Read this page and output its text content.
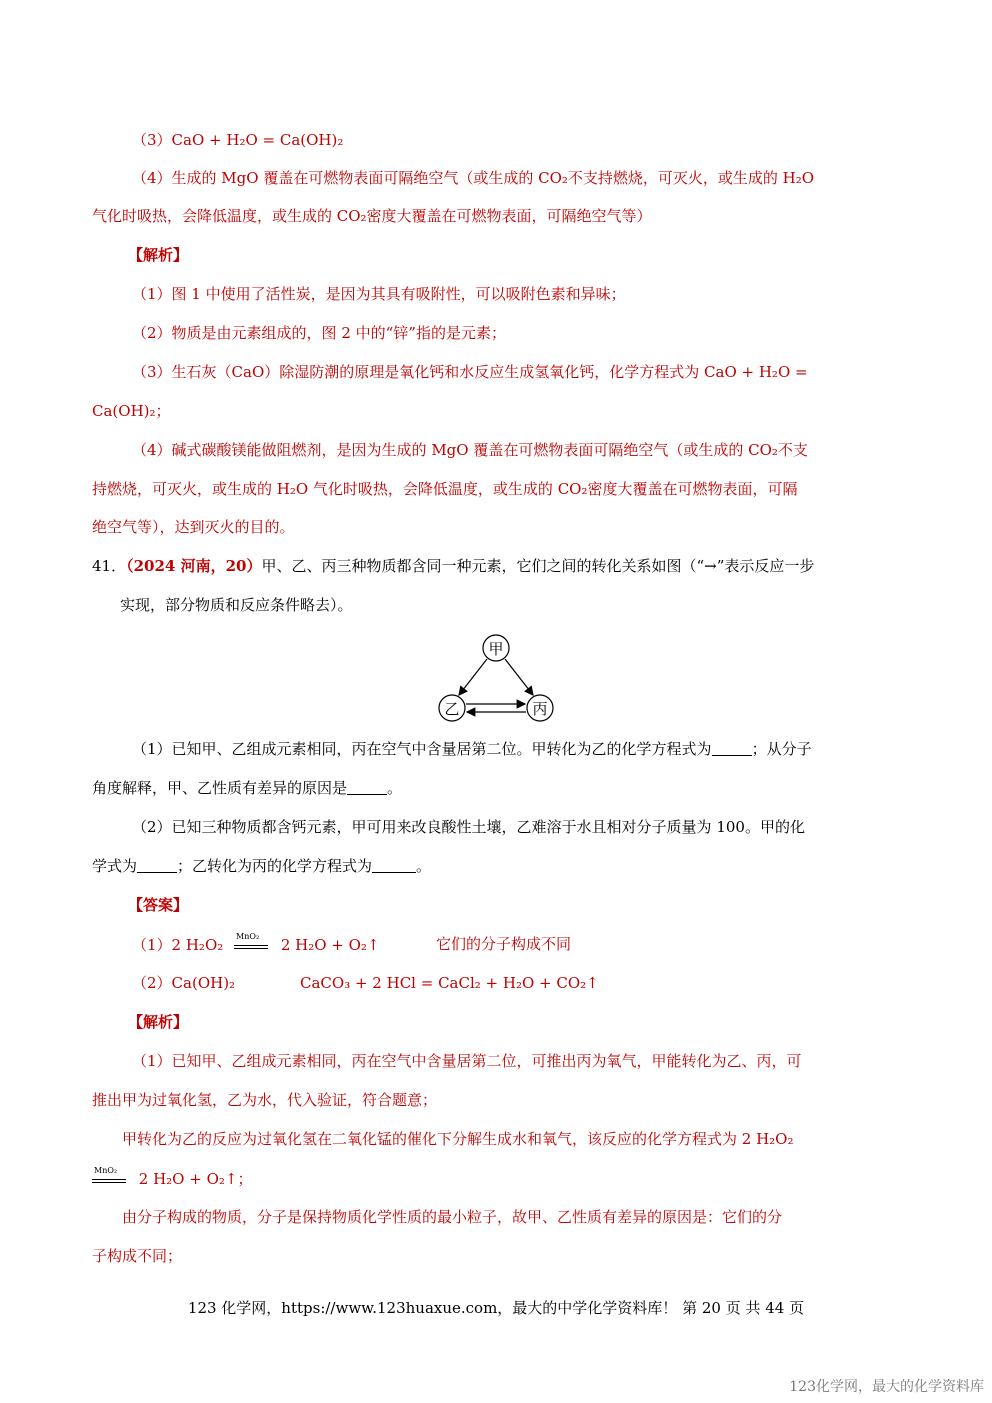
（3）CaO + H₂O = Ca(OH)₂
（4）生成的 MgO 覆盖在可燃物表面可隔绝空气（或生成的 CO₂不支持燃烧，可灭火，或生成的 H₂O
气化时吸热，会降低温度，或生成的 CO₂密度大覆盖在可燃物表面，可隔绝空气等）
【解析】
（1）图 1 中使用了活性炭，是因为其具有吸附性，可以吸附色素和异味；
（2）物质是由元素组成的，图 2 中的“锌”指的是元素；
（3）生石灰（CaO）除湿防潮的原理是氧化钙和水反应生成氢氧化钙，化学方程式为 CaO + H₂O =
Ca(OH)₂；
（4）碱式碳酸镁能做阻燃剂，是因为生成的 MgO 覆盖在可燃物表面可隔绝空气（或生成的 CO₂不支
持燃烧，可灭火，或生成的 H₂O 气化时吸热，会降低温度，或生成的 CO₂密度大覆盖在可燃物表面，可隔
绝空气等），达到灭火的目的。
41．（2024 河南，20）甲、乙、丙三种物质都含同一种元素，它们之间的转化关系如图（“→”表示反应一步
实现，部分物质和反应条件略去）。
甲
乙	丙
（1）已知甲、乙组成元素相同，丙在空气中含量居第二位。甲转化为乙的化学方程式为	；从分子
角度解释，甲、乙性质有差异的原因是	。
（2）已知三种物质都含钙元素，甲可用来改良酸性土壤，乙难溶于水且相对分子质量为 100。甲的化
学式为	；乙转化为丙的化学方程式为	。
【答案】
（1）2 H₂O₂ MnO₂ 2 H₂O + O₂↑	它们的分子构成不同
（2）Ca(OH)₂	CaCO₃ + 2 HCl = CaCl₂ + H₂O + CO₂↑
【解析】
（1）已知甲、乙组成元素相同，丙在空气中含量居第二位，可推出丙为氧气，甲能转化为乙、丙，可
推出甲为过氧化氢，乙为水，代入验证，符合题意；
甲转化为乙的反应为过氧化氢在二氧化锰的催化下分解生成水和氧气，该反应的化学方程式为 2 H₂O₂
MnO₂ 2 H₂O + O₂↑；
由分子构成的物质，分子是保持物质化学性质的最小粒子，故甲、乙性质有差异的原因是：它们的分
子构成不同；
123 化学网，https://www.123huaxue.com，最大的中学化学资料库！ 第 20 页 共 44 页
123化学网，最大的化学资料库
